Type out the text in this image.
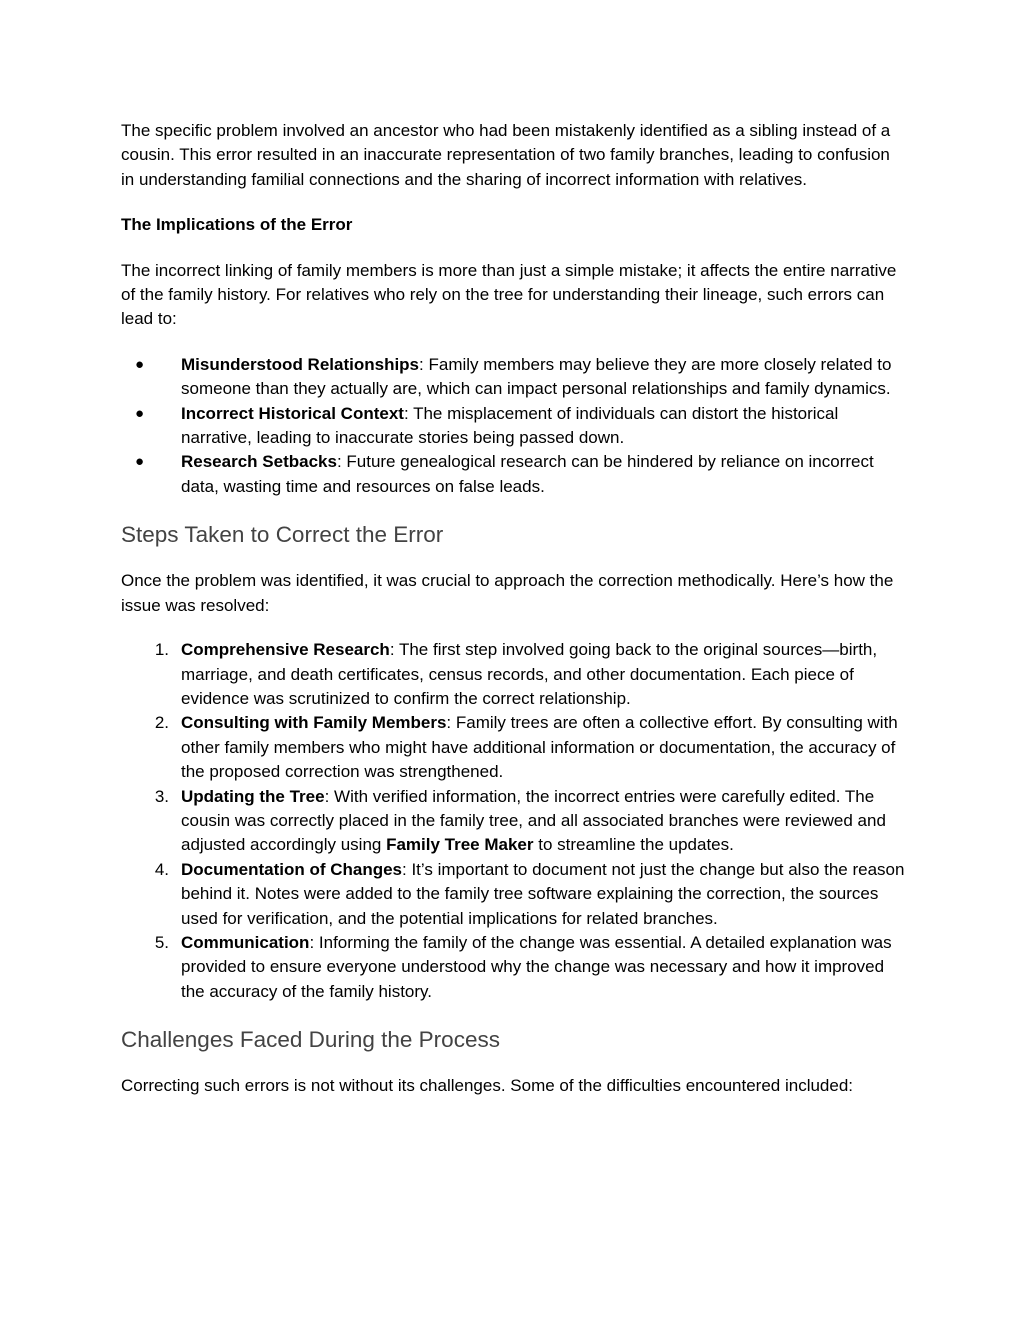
The specific problem involved an ancestor who had been mistakenly identified as a sibling instead of a cousin. This error resulted in an inaccurate representation of two family branches, leading to confusion in understanding familial connections and the sharing of incorrect information with relatives.

The Implications of the Error

The incorrect linking of family members is more than just a simple mistake; it affects the entire narrative of the family history. For relatives who rely on the tree for understanding their lineage, such errors can lead to:

●	Misunderstood Relationships: Family members may believe they are more closely related to someone than they actually are, which can impact personal relationships and family dynamics.
●	Incorrect Historical Context: The misplacement of individuals can distort the historical narrative, leading to inaccurate stories being passed down.
●	Research Setbacks: Future genealogical research can be hindered by reliance on incorrect data, wasting time and resources on false leads.
Steps Taken to Correct the Error

Once the problem was identified, it was crucial to approach the correction methodically. Here’s how the issue was resolved:

1. Comprehensive Research: The first step involved going back to the original sources—birth, marriage, and death certificates, census records, and other documentation. Each piece of evidence was scrutinized to confirm the correct relationship.
2. Consulting with Family Members: Family trees are often a collective effort. By consulting with other family members who might have additional information or documentation, the accuracy of the proposed correction was strengthened.
3. Updating the Tree: With verified information, the incorrect entries were carefully edited. The cousin was correctly placed in the family tree, and all associated branches were reviewed and adjusted accordingly using Family Tree Maker to streamline the updates.
4. Documentation of Changes: It’s important to document not just the change but also the reason behind it. Notes were added to the family tree software explaining the correction, the sources used for verification, and the potential implications for related branches.
5. Communication: Informing the family of the change was essential. A detailed explanation was provided to ensure everyone understood why the change was necessary and how it improved the accuracy of the family history.
Challenges Faced During the Process

Correcting such errors is not without its challenges. Some of the difficulties encountered included:
